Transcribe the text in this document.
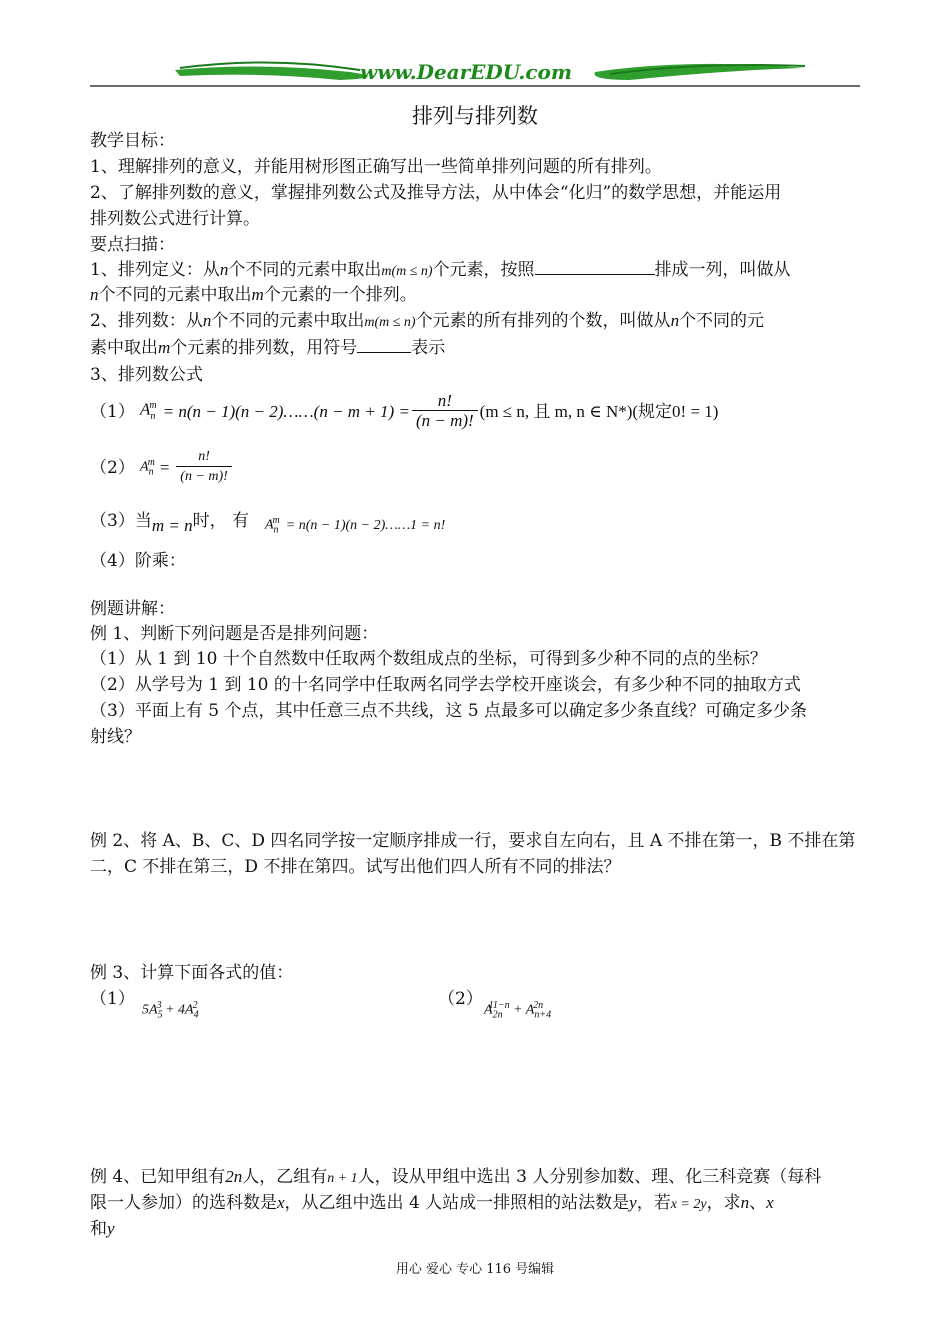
www.DearEDU.com
排列与排列数
教学目标：
1、理解排列的意义，并能用树形图正确写出一些简单排列问题的所有排列。
2、了解排列数的意义，掌握排列数公式及推导方法，从中体会“化归”的数学思想，并能运用
排列数公式进行计算。
要点扫描：
1、排列定义：从n个不同的元素中取出m(m ≤ n)个元素，按照	排成一列，叫做从
n个不同的元素中取出m个元素的一个排列。
2、排列数：从n个不同的元素中取出m(m ≤ n)个元素的所有排列的个数，叫做从n个不同的元
素中取出m个元素的排列数，用符号	表示
3、排列数公式
（1） $A_n^m = n(n - 1)(n$ − 2)……(n − $m + 1) = \frac{n!}{(n - m)!} (m \le n$, 且 m, n ∈ N*)(规定0! = 1)
（2） $A_n^m = \frac{n!}{(n - m)!}$
（3）当 m = n 时， 有 $A_n^m = n(n - 1)(n$ − 2)……1 = n!
（4）阶乘：
例题讲解：
例 1、判断下列问题是否是排列问题：
（1）从 1 到 10 十个自然数中任取两个数组成点的坐标，可得到多少种不同的点的坐标？
（2）从学号为 1 到 10 的十名同学中任取两名同学去学校开座谈会，有多少种不同的抽取方式
（3）平面上有 5 个点，其中任意三点不共线，这 5 点最多可以确定多少条直线？可确定多少条
射线？
例 2、将 A、B、C、D 四名同学按一定顺序排成一行，要求自左向右，且 A 不排在第一，B 不排在第
二，C 不排在第三，D 不排在第四。试写出他们四人所有不同的排法？
例 3、计算下面各式的值：
（1）
$5A_5^3 + 4A_4^2$	（2）
$A_{2n}^{11-n} + A_{n+4}^{2n}$
例 4、已知甲组有2n人，乙组有n + 1人，设从甲组中选出 3 人分别参加数、理、化三科竞赛（每科
限一人参加）的选科数是x，从乙组中选出 4 人站成一排照相的站法数是y，若x = 2y，求n、x
和y
用心 爱心 专心 116 号编辑
